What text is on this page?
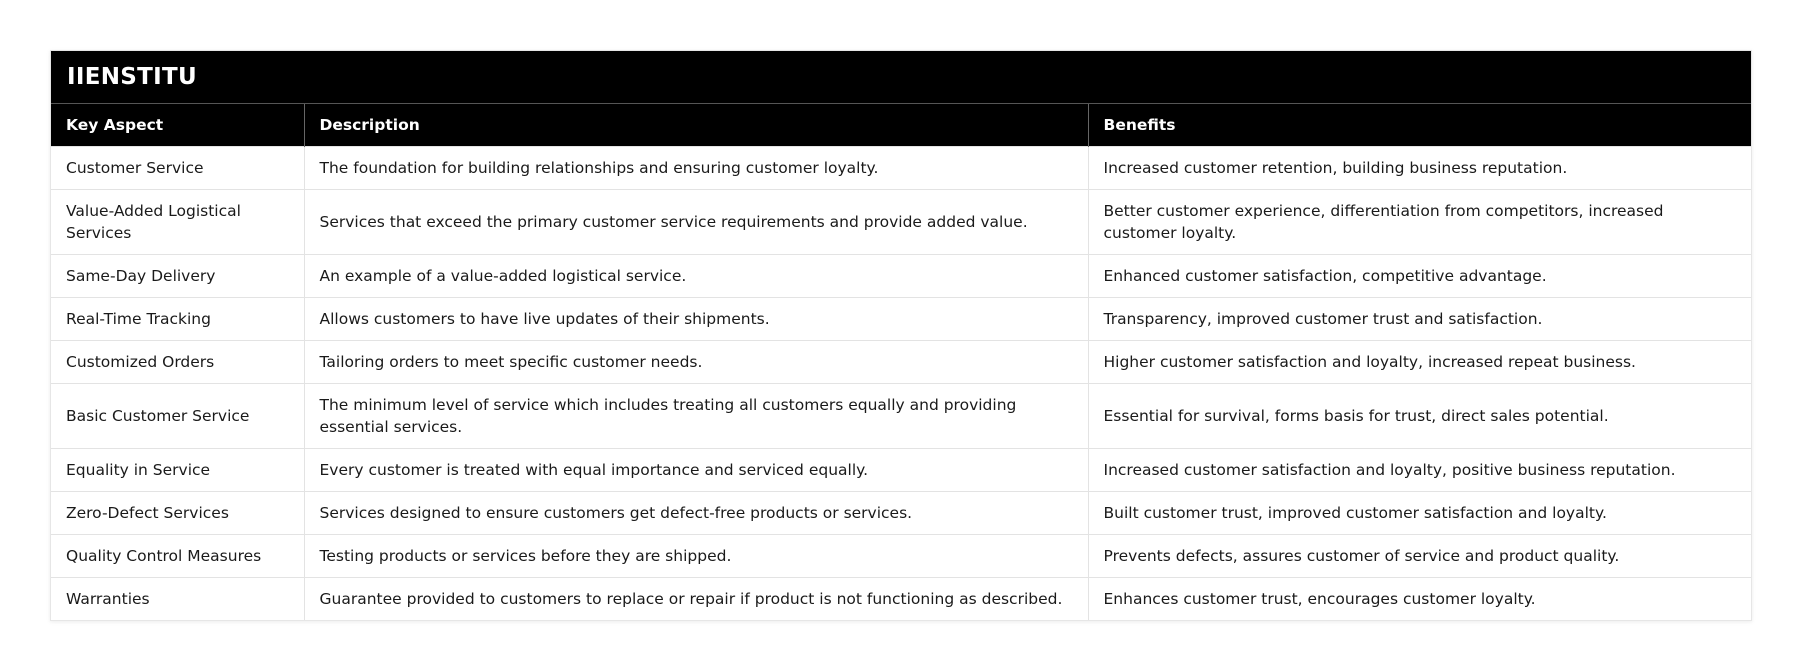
IIENSTITU
Key Aspect	Description	Benefits
Customer Service	The foundation for building relationships and ensuring customer loyalty.	Increased customer retention, building business reputation.
Value-Added Logistical Services	Services that exceed the primary customer service requirements and provide added value.	Better customer experience, differentiation from competitors, increased customer loyalty.
Same-Day Delivery	An example of a value-added logistical service.	Enhanced customer satisfaction, competitive advantage.
Real-Time Tracking	Allows customers to have live updates of their shipments.	Transparency, improved customer trust and satisfaction.
Customized Orders	Tailoring orders to meet specific customer needs.	Higher customer satisfaction and loyalty, increased repeat business.
Basic Customer Service	The minimum level of service which includes treating all customers equally and providing essential services.	Essential for survival, forms basis for trust, direct sales potential.
Equality in Service	Every customer is treated with equal importance and serviced equally.	Increased customer satisfaction and loyalty, positive business reputation.
Zero-Defect Services	Services designed to ensure customers get defect-free products or services.	Built customer trust, improved customer satisfaction and loyalty.
Quality Control Measures	Testing products or services before they are shipped.	Prevents defects, assures customer of service and product quality.
Warranties	Guarantee provided to customers to replace or repair if product is not functioning as described.	Enhances customer trust, encourages customer loyalty.
